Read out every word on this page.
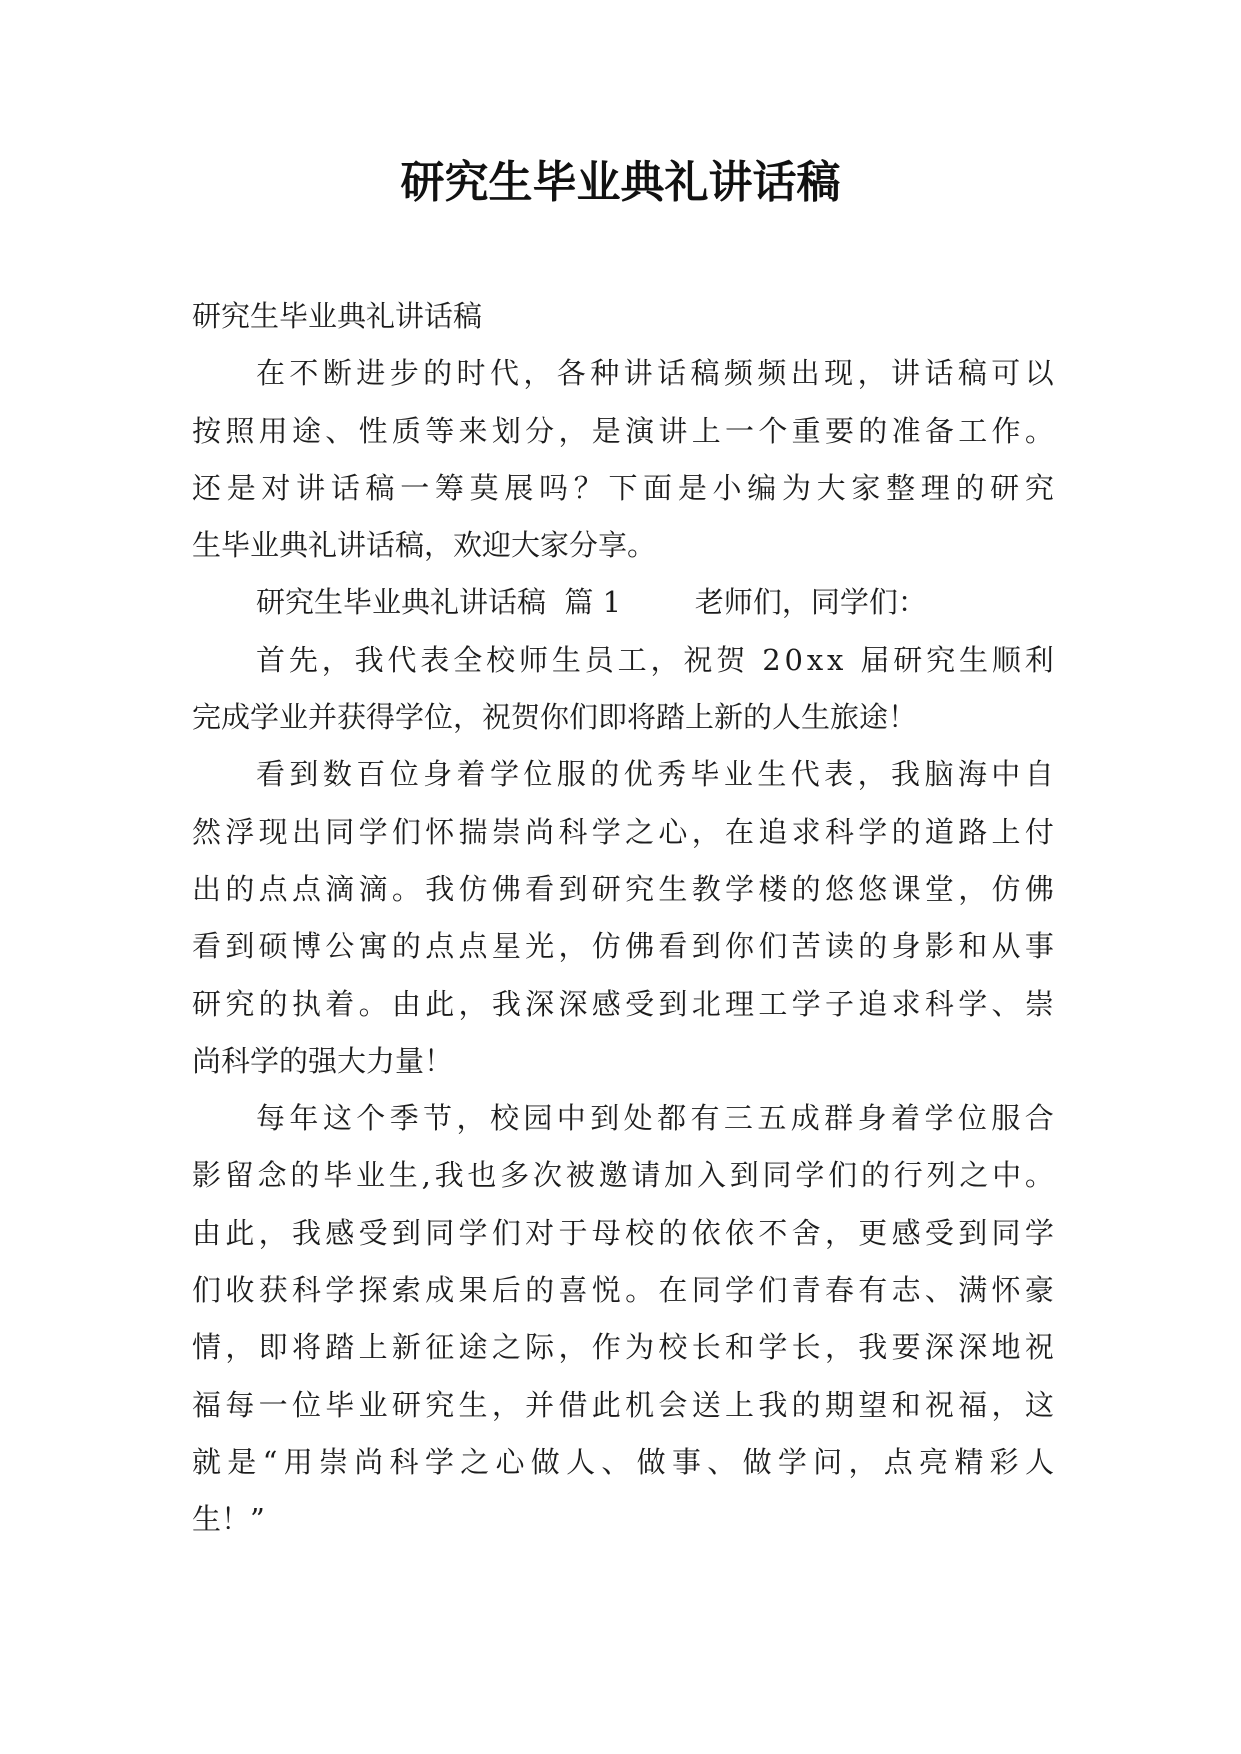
研究生毕业典礼讲话稿
研究生毕业典礼讲话稿
在 不 断 进 步 的 时 代 ， 各 种 讲 话 稿 频 频 出 现 ， 讲 话 稿 可 以
按 照 用 途 、 性 质 等 来 划 分 ， 是 演 讲 上 一 个 重 要 的 准 备 工 作 。
还 是 对 讲 话 稿 一 筹 莫 展 吗 ？ 下 面 是 小 编 为 大 家 整 理 的 研 究
生毕业典礼讲话稿，欢迎大家分享。
研究生毕业典礼讲话稿  篇 1        老师们，同学们：
首 先 ， 我 代 表 全 校 师 生 员 工 ， 祝 贺
2 0 x x
届 研 究 生 顺 利
完成学业并获得学位，祝贺你们即将踏上新的人生旅途！
看 到 数 百 位 身 着 学 位 服 的 优 秀 毕 业 生 代 表 ， 我 脑 海 中 自
然 浮 现 出 同 学 们 怀 揣 崇 尚 科 学 之 心 ， 在 追 求 科 学 的 道 路 上 付
出 的 点 点 滴 滴 。 我 仿 佛 看 到 研 究 生 教 学 楼 的 悠 悠 课 堂 ， 仿 佛
看 到 硕 博 公 寓 的 点 点 星 光 ， 仿 佛 看 到 你 们 苦 读 的 身 影 和 从 事
研 究 的 执 着 。 由 此 ， 我 深 深 感 受 到 北 理 工 学 子 追 求 科 学 、 崇
尚科学的强大力量！
每 年 这 个 季 节 ， 校 园 中 到 处 都 有 三 五 成 群 身 着 学 位 服 合
影 留 念 的 毕 业 生 , 我 也 多 次 被 邀 请 加 入 到 同 学 们 的 行 列 之 中 。
由 此 ， 我 感 受 到 同 学 们 对 于 母 校 的 依 依 不 舍 ， 更 感 受 到 同 学
们 收 获 科 学 探 索 成 果 后 的 喜 悦 。 在 同 学 们 青 春 有 志 、 满 怀 豪
情 ， 即 将 踏 上 新 征 途 之 际 ， 作 为 校 长 和 学 长 ， 我 要 深 深 地 祝
福 每 一 位 毕 业 研 究 生 ， 并 借 此 机 会 送 上 我 的 期 望 和 祝 福 ， 这
就 是 “ 用 崇 尚 科 学 之 心 做 人 、 做 事 、 做 学 问 ， 点 亮 精 彩 人
生！”
